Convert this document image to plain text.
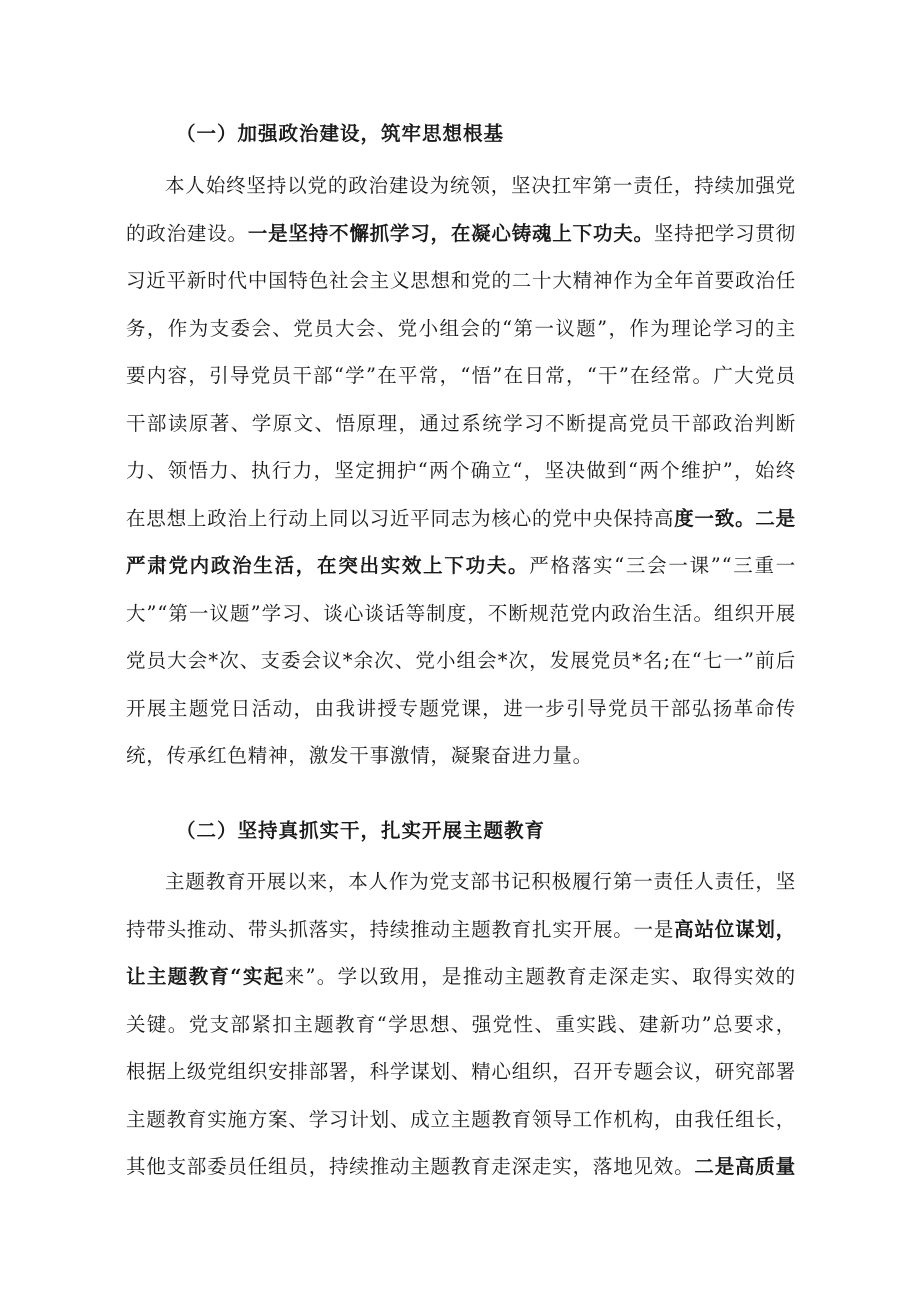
（一）加强政治建设，筑牢思想根基

本人始终坚持以党的政治建设为统领，坚决扛牢第一责任，持续加强党的政治建设。一是坚持不懈抓学习，在凝心铸魂上下功夫。坚持把学习贯彻习近平新时代中国特色社会主义思想和党的二十大精神作为全年首要政治任务，作为支委会、党员大会、党小组会的“第一议题”，作为理论学习的主要内容，引导党员干部“学”在平常，“悟”在日常，“干”在经常。广大党员干部读原著、学原文、悟原理，通过系统学习不断提高党员干部政治判断力、领悟力、执行力，坚定拥护“两个确立“，坚决做到“两个维护”，始终在思想上政治上行动上同以习近平同志为核心的党中央保持高度一致。二是严肃党内政治生活，在突出实效上下功夫。严格落实“三会一课”“三重一大”“第一议题”学习、谈心谈话等制度，不断规范党内政治生活。组织开展党员大会*次、支委会议*余次、党小组会*次，发展党员*名;在“七一”前后开展主题党日活动，由我讲授专题党课，进一步引导党员干部弘扬革命传统，传承红色精神，激发干事激情，凝聚奋进力量。

（二）坚持真抓实干，扎实开展主题教育

主题教育开展以来，本人作为党支部书记积极履行第一责任人责任，坚持带头推动、带头抓落实，持续推动主题教育扎实开展。一是高站位谋划，让主题教育“实起来”。学以致用，是推动主题教育走深走实、取得实效的关键。党支部紧扣主题教育“学思想、强党性、重实践、建新功”总要求，根据上级党组织安排部署，科学谋划、精心组织，召开专题会议，研究部署主题教育实施方案、学习计划、成立主题教育领导工作机构，由我任组长，其他支部委员任组员，持续推动主题教育走深走实，落地见效。二是高质量
